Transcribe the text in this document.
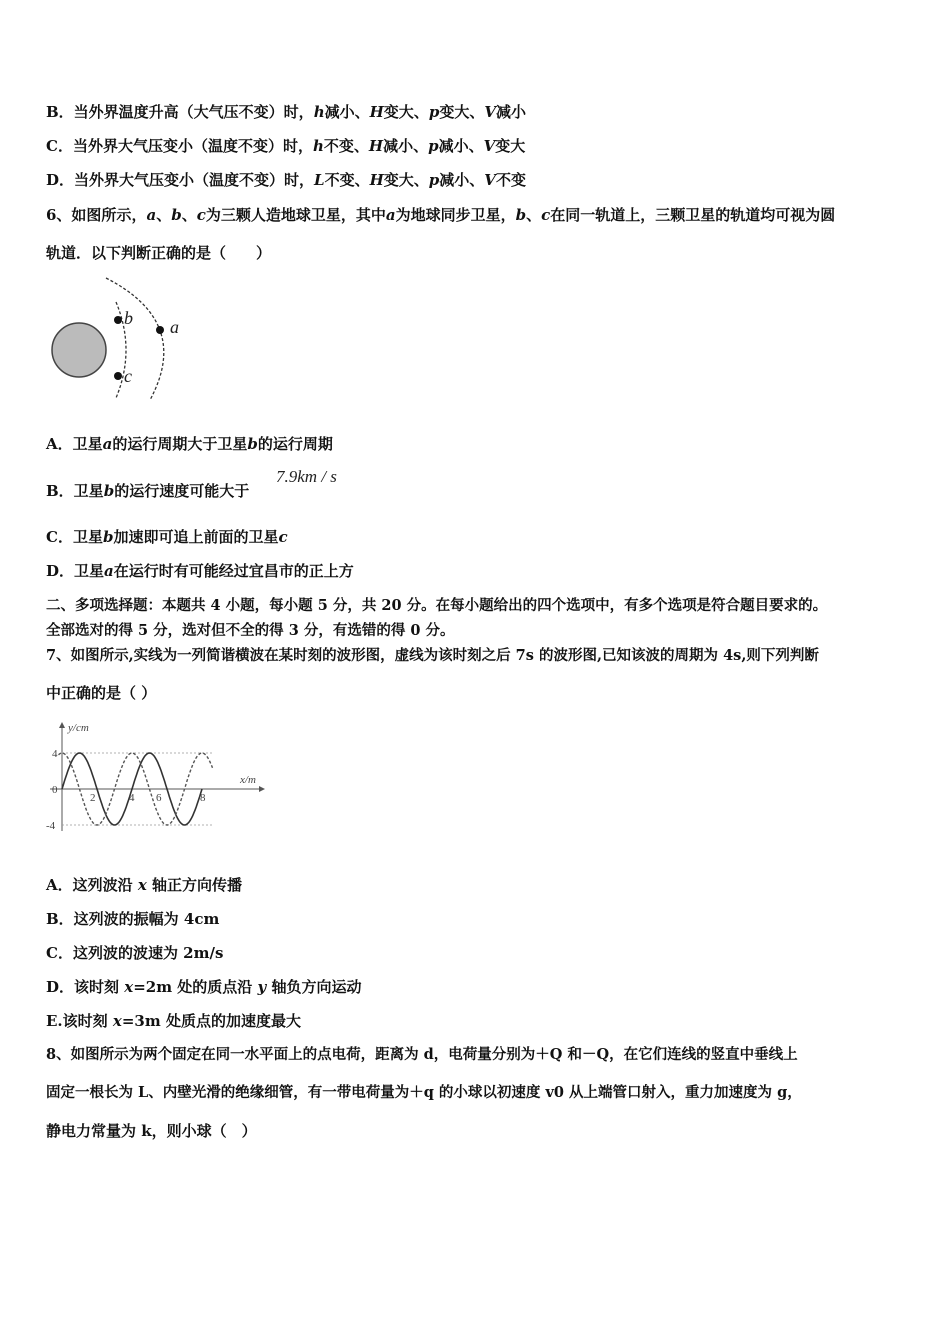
B．当外界温度升高（大气压不变）时，h减小、H变大、p变大、V减小
C．当外界大气压变小（温度不变）时，h不变、H减小、p减小、V变大
D．当外界大气压变小（温度不变）时，L不变、H变大、p减小、V不变
6、如图所示，a、b、c为三颗人造地球卫星，其中a为地球同步卫星，b、c在同一轨道上，三颗卫星的轨道均可视为圆
轨道．以下判断正确的是（　　）
b
c
a
A．卫星a的运行周期大于卫星b的运行周期
B．卫星b的运行速度可能大于
7.9km / s
C．卫星b加速即可追上前面的卫星c
D．卫星a在运行时有可能经过宜昌市的正上方
二、多项选择题：本题共 4 小题，每小题 5 分，共 20 分。在每小题给出的四个选项中，有多个选项是符合题目要求的。
全部选对的得 5 分，选对但不全的得 3 分，有选错的得 0 分。
7、如图所示,实线为一列简谐横波在某时刻的波形图，虚线为该时刻之后 7s 的波形图,已知该波的周期为 4s,则下列判断
中正确的是（ ）
y/cm
x/m
4
0
-4
2	4 6	8
A．这列波沿 x 轴正方向传播
B．这列波的振幅为 4cm
C．这列波的波速为 2m/s
D．该时刻 x=2m 处的质点沿 y 轴负方向运动
E.该时刻 x=3m 处质点的加速度最大
8、如图所示为两个固定在同一水平面上的点电荷，距离为 d，电荷量分别为＋Q 和－Q，在它们连线的竖直中垂线上
固定一根长为 L、内壁光滑的绝缘细管，有一带电荷量为＋q 的小球以初速度 v0 从上端管口射入，重力加速度为 g，
静电力常量为 k，则小球（　）
